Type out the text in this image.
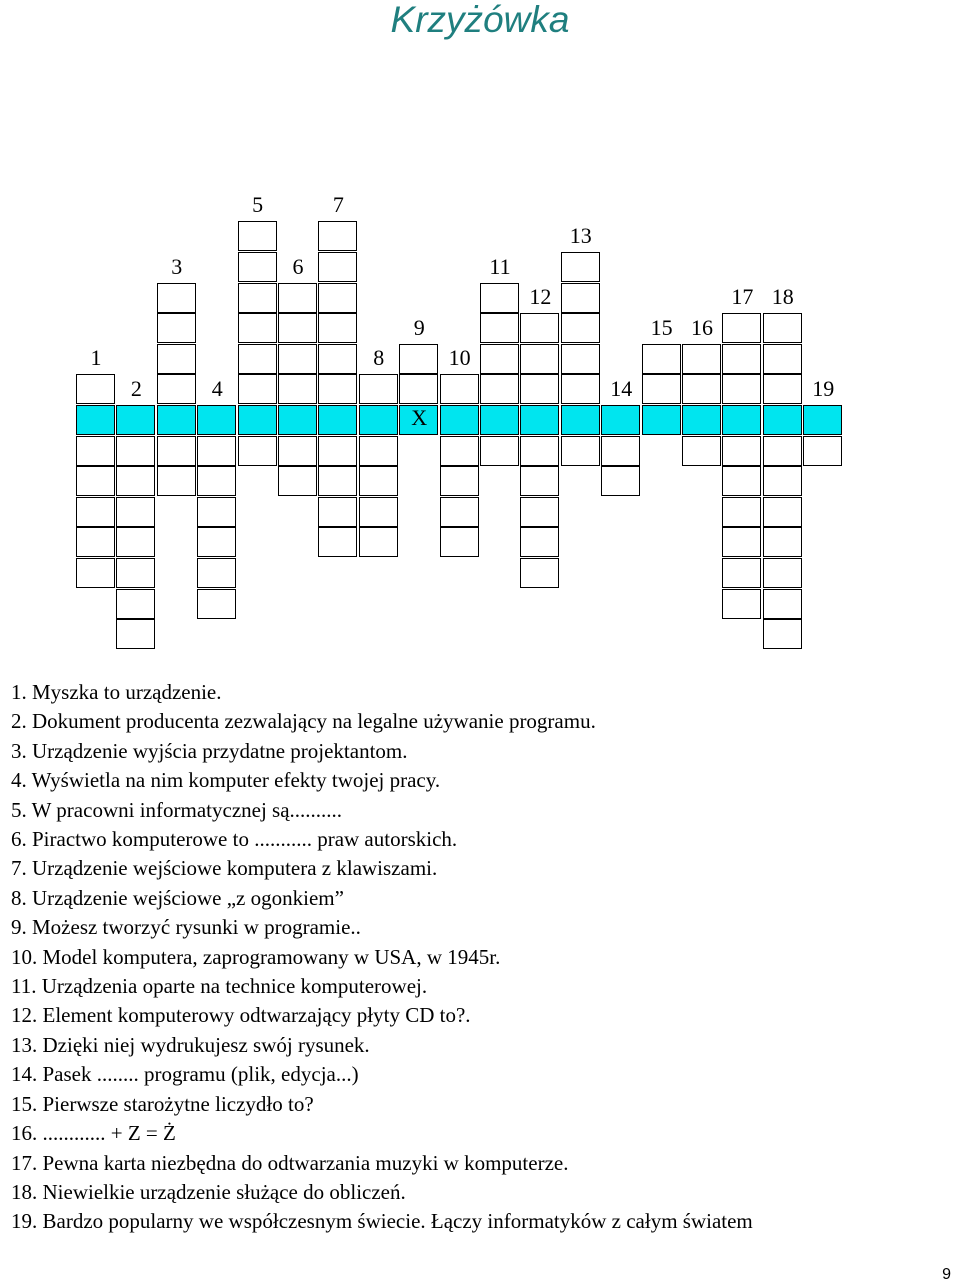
Krzyżówka
1
2
3
4
5
6
7
8
9
10
11
12
13
14
15 16
17 18
19
X
1. Myszka to urządzenie.
2. Dokument producenta zezwalający na legalne używanie programu.
3. Urządzenie wyjścia przydatne projektantom.
4. Wyświetla na nim komputer efekty twojej pracy.
5. W pracowni informatycznej są..........
6. Piractwo komputerowe to ........... praw autorskich.
7. Urządzenie wejściowe komputera z klawiszami.
8. Urządzenie wejściowe „z ogonkiem”
9. Możesz tworzyć rysunki w programie..
10. Model komputera, zaprogramowany w USA, w 1945r.
11. Urządzenia oparte na technice komputerowej.
12. Element komputerowy odtwarzający płyty CD to?.
13. Dzięki niej wydrukujesz swój rysunek.
14. Pasek ........ programu (plik, edycja...)
15. Pierwsze starożytne liczydło to?
16. ............ + Z = Ż
17. Pewna karta niezbędna do odtwarzania muzyki w komputerze.
18. Niewielkie urządzenie służące do obliczeń.
19. Bardzo popularny we współczesnym świecie. Łączy informatyków z całym światem
9
